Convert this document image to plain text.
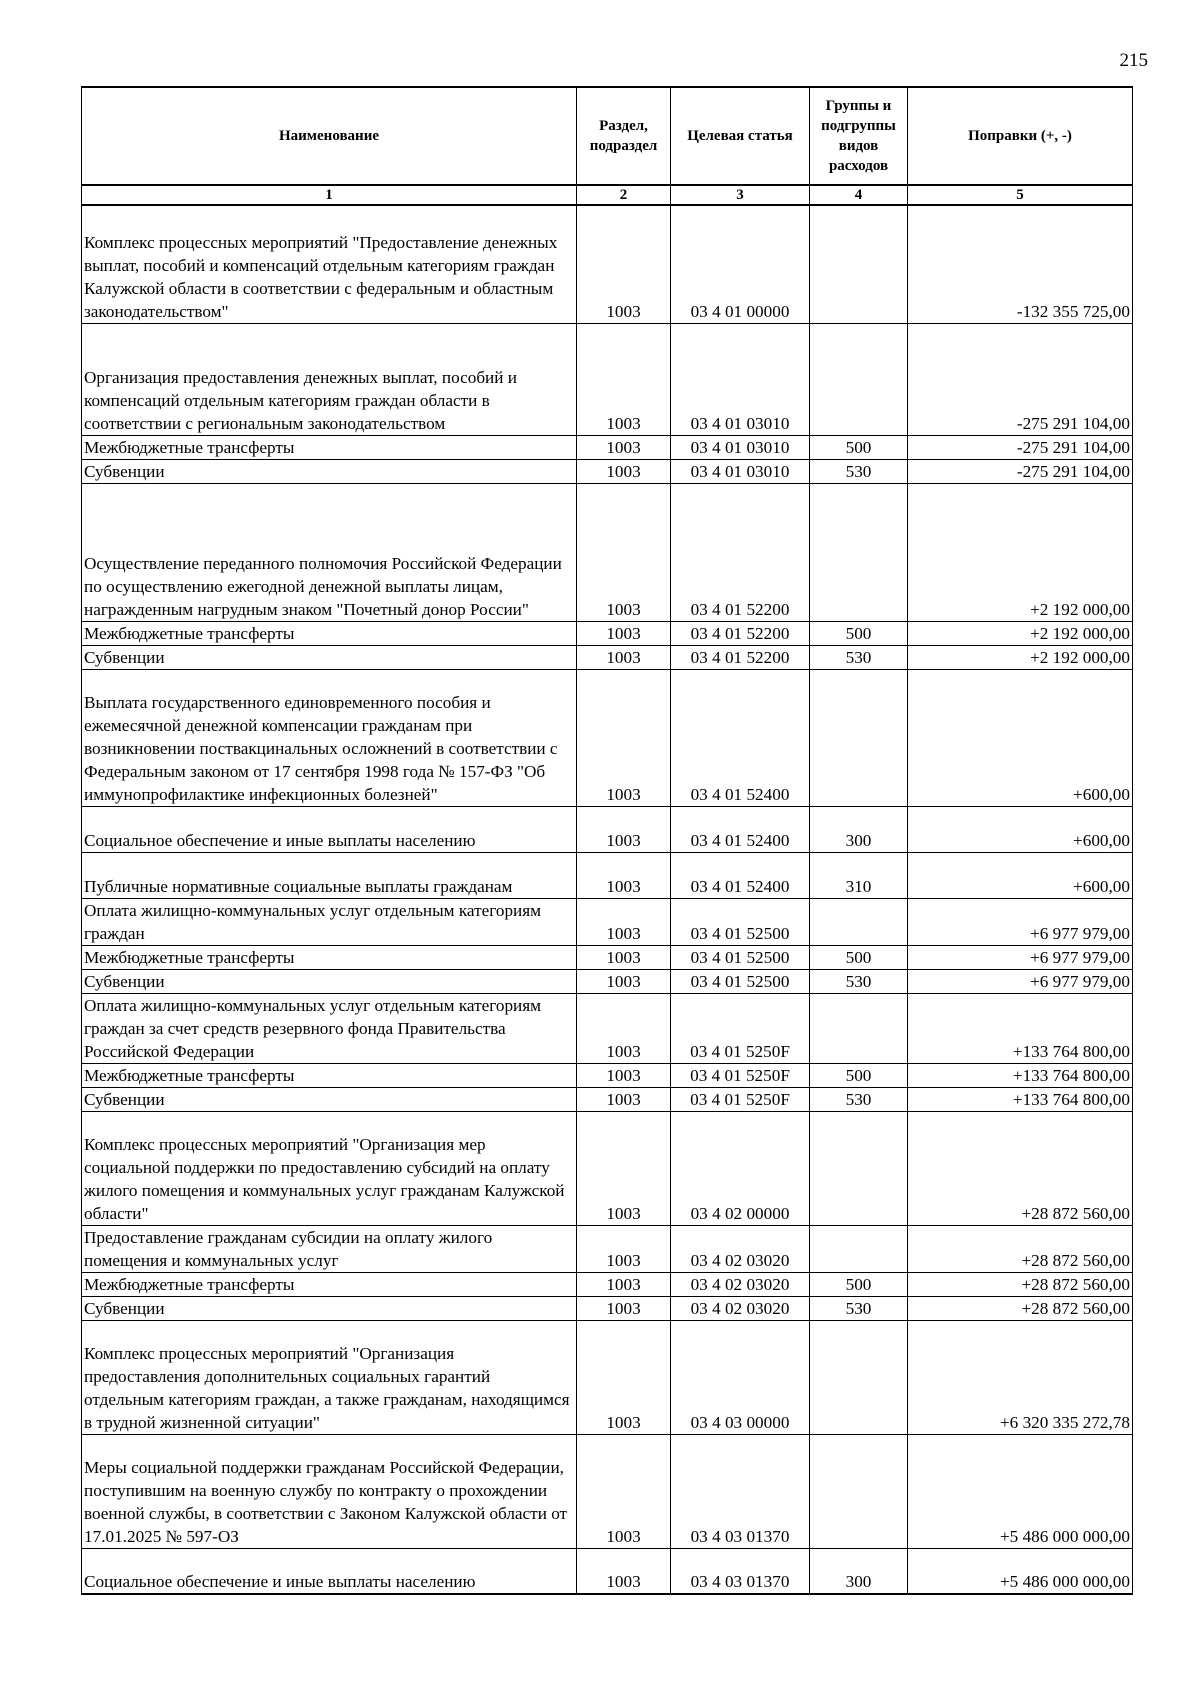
215
Наименование	Раздел, подраздел	Целевая статья	Группы и подгруппы видов расходов	Поправки (+, -)
1	2	3	4	5
Комплекс процессных мероприятий "Предоставление денежных выплат, пособий и компенсаций отдельным категориям граждан Калужской области в соответствии с федеральным и областным законодательством"	1003	03 4 01 00000		-132 355 725,00
Организация предоставления денежных выплат, пособий и компенсаций отдельным категориям граждан области в соответствии с региональным законодательством	1003	03 4 01 03010		-275 291 104,00
Межбюджетные трансферты	1003	03 4 01 03010	500	-275 291 104,00
Субвенции	1003	03 4 01 03010	530	-275 291 104,00
Осуществление переданного полномочия Российской Федерации по осуществлению ежегодной денежной выплаты лицам, награжденным нагрудным знаком "Почетный донор России"	1003	03 4 01 52200		+2 192 000,00
Межбюджетные трансферты	1003	03 4 01 52200	500	+2 192 000,00
Субвенции	1003	03 4 01 52200	530	+2 192 000,00
Выплата государственного единовременного пособия и ежемесячной денежной компенсации гражданам при возникновении поствакцинальных осложнений в соответствии с Федеральным законом от 17 сентября 1998 года № 157-ФЗ "Об иммунопрофилактике инфекционных болезней"	1003	03 4 01 52400		+600,00
Социальное обеспечение и иные выплаты населению	1003	03 4 01 52400	300	+600,00
Публичные нормативные социальные выплаты гражданам	1003	03 4 01 52400	310	+600,00
Оплата жилищно-коммунальных услуг отдельным категориям граждан	1003	03 4 01 52500		+6 977 979,00
Межбюджетные трансферты	1003	03 4 01 52500	500	+6 977 979,00
Субвенции	1003	03 4 01 52500	530	+6 977 979,00
Оплата жилищно-коммунальных услуг отдельным категориям граждан за счет средств резервного фонда Правительства Российской Федерации	1003	03 4 01 5250F		+133 764 800,00
Межбюджетные трансферты	1003	03 4 01 5250F	500	+133 764 800,00
Субвенции	1003	03 4 01 5250F	530	+133 764 800,00
Комплекс процессных мероприятий "Организация мер социальной поддержки по предоставлению субсидий на оплату жилого помещения и коммунальных услуг гражданам Калужской области"	1003	03 4 02 00000		+28 872 560,00
Предоставление гражданам субсидии на оплату жилого помещения и коммунальных услуг	1003	03 4 02 03020		+28 872 560,00
Межбюджетные трансферты	1003	03 4 02 03020	500	+28 872 560,00
Субвенции	1003	03 4 02 03020	530	+28 872 560,00
Комплекс процессных мероприятий "Организация предоставления дополнительных социальных гарантий отдельным категориям граждан, а также гражданам, находящимся в трудной жизненной ситуации"	1003	03 4 03 00000		+6 320 335 272,78
Меры социальной поддержки гражданам Российской Федерации, поступившим на военную службу по контракту о прохождении военной службы, в соответствии с Законом Калужской области от 17.01.2025 № 597-ОЗ	1003	03 4 03 01370		+5 486 000 000,00
Социальное обеспечение и иные выплаты населению	1003	03 4 03 01370	300	+5 486 000 000,00
